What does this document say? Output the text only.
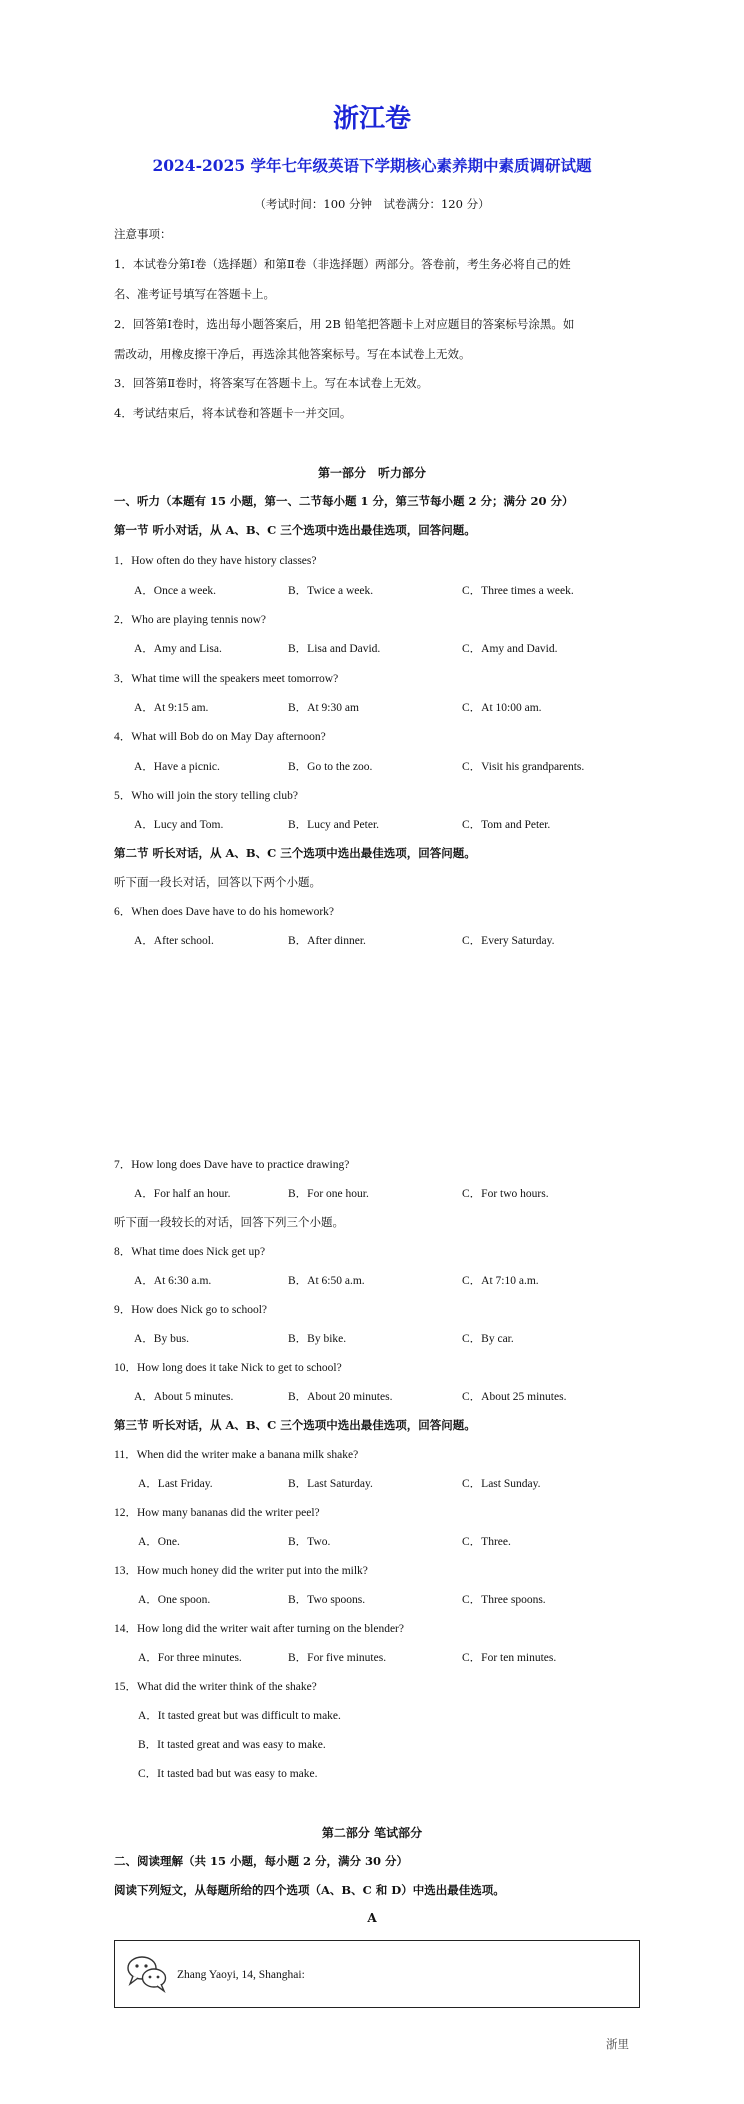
浙江卷
2024-2025 学年七年级英语下学期核心素养期中素质调研试题
（考试时间：100 分钟　试卷满分：120 分）
注意事项：
1．本试卷分第Ⅰ卷（选择题）和第Ⅱ卷（非选择题）两部分。答卷前，考生务必将自己的姓
名、准考证号填写在答题卡上。
2．回答第Ⅰ卷时，选出每小题答案后，用 2B 铅笔把答题卡上对应题目的答案标号涂黑。如
需改动，用橡皮擦干净后，再选涂其他答案标号。写在本试卷上无效。
3．回答第Ⅱ卷时，将答案写在答题卡上。写在本试卷上无效。
4．考试结束后，将本试卷和答题卡一并交回。
第一部分　听力部分
一、听力（本题有 15 小题，第一、二节每小题 1 分，第三节每小题 2 分；满分 20 分）
第一节 听小对话，从 A、B、C 三个选项中选出最佳选项，回答问题。
1．How often do they have history classes?
A．Once a week.	B．Twice a week.	C．Three times a week.
2．Who are playing tennis now?
A．Amy and Lisa.	B．Lisa and David.	C．Amy and David.
3．What time will the speakers meet tomorrow?
A．At 9:15 am.	B．At 9:30 am	C．At 10:00 am.
4．What will Bob do on May Day afternoon?
A．Have a picnic.	B．Go to the zoo.	C．Visit his grandparents.
5．Who will join the story telling club?
A．Lucy and Tom.	B．Lucy and Peter.	C．Tom and Peter.
第二节 听长对话，从 A、B、C 三个选项中选出最佳选项，回答问题。
听下面一段长对话，回答以下两个小题。
6．When does Dave have to do his homework?
A．After school.	B．After dinner.	C．Every Saturday.
7．How long does Dave have to practice drawing?
A．For half an hour.	B．For one hour.	C．For two hours.
听下面一段较长的对话，回答下列三个小题。
8．What time does Nick get up?
A．At 6:30 a.m.	B．At 6:50 a.m.	C．At 7:10 a.m.
9．How does Nick go to school?
A．By bus.	B．By bike.	C．By car.
10．How long does it take Nick to get to school?
A．About 5 minutes.	B．About 20 minutes.	C．About 25 minutes.
第三节 听长对话，从 A、B、C 三个选项中选出最佳选项，回答问题。
11．When did the writer make a banana milk shake?
A．Last Friday.	B．Last Saturday.	C．Last Sunday.
12．How many bananas did the writer peel?
A．One.	B．Two.	C．Three.
13．How much honey did the writer put into the milk?
A．One spoon.	B．Two spoons.	C．Three spoons.
14．How long did the writer wait after turning on the blender?
A．For three minutes.	B．For five minutes.	C．For ten minutes.
15．What did the writer think of the shake?
A．It tasted great but was difficult to make.
B．It tasted great and was easy to make.
C．It tasted bad but was easy to make.
第二部分 笔试部分
二、阅读理解（共 15 小题，每小题 2 分，满分 30 分）
阅读下列短文，从每题所给的四个选项（A、B、C 和 D）中选出最佳选项。
A
Zhang Yaoyi, 14, Shanghai:
浙里
